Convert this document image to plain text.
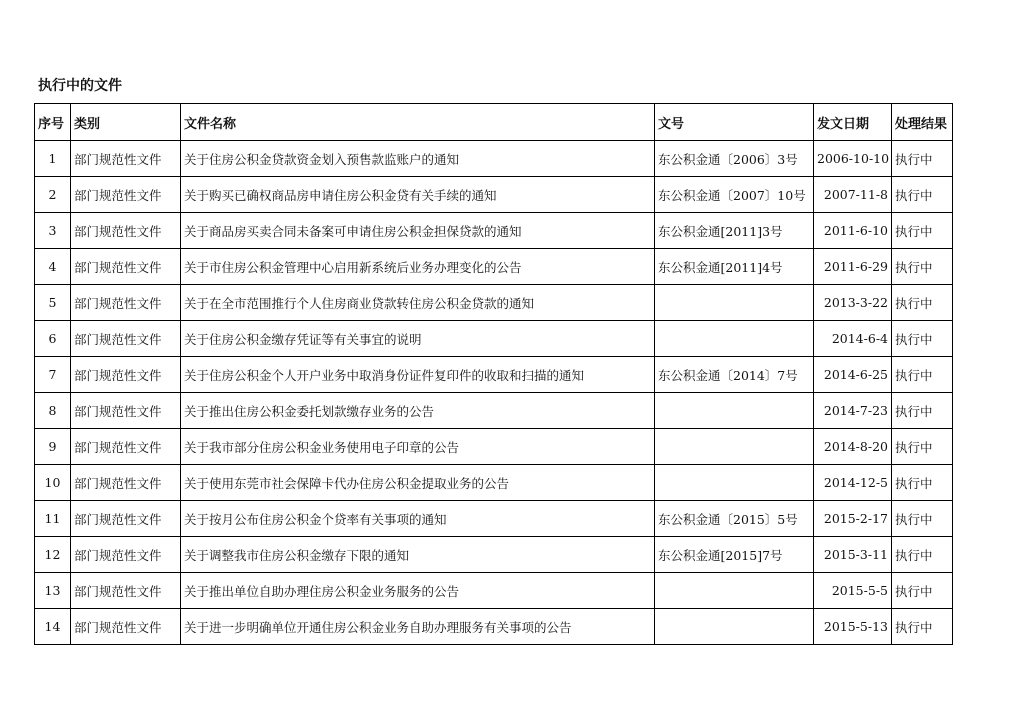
执行中的文件
序号	类别	文件名称	文号	发文日期	处理结果
1	部门规范性文件	关于住房公积金贷款资金划入预售款监账户的通知	东公积金通〔2006〕3号	2006-10-10	执行中
2	部门规范性文件	关于购买已确权商品房申请住房公积金贷有关手续的通知	东公积金通〔2007〕10号	2007-11-8	执行中
3	部门规范性文件	关于商品房买卖合同未备案可申请住房公积金担保贷款的通知	东公积金通[2011]3号	2011-6-10	执行中
4	部门规范性文件	关于市住房公积金管理中心启用新系统后业务办理变化的公告	东公积金通[2011]4号	2011-6-29	执行中
5	部门规范性文件	关于在全市范围推行个人住房商业贷款转住房公积金贷款的通知		2013-3-22	执行中
6	部门规范性文件	关于住房公积金缴存凭证等有关事宜的说明		2014-6-4	执行中
7	部门规范性文件	关于住房公积金个人开户业务中取消身份证件复印件的收取和扫描的通知	东公积金通〔2014〕7号	2014-6-25	执行中
8	部门规范性文件	关于推出住房公积金委托划款缴存业务的公告		2014-7-23	执行中
9	部门规范性文件	关于我市部分住房公积金业务使用电子印章的公告		2014-8-20	执行中
10	部门规范性文件	关于使用东莞市社会保障卡代办住房公积金提取业务的公告		2014-12-5	执行中
11	部门规范性文件	关于按月公布住房公积金个贷率有关事项的通知	东公积金通〔2015〕5号	2015-2-17	执行中
12	部门规范性文件	关于调整我市住房公积金缴存下限的通知	东公积金通[2015]7号	2015-3-11	执行中
13	部门规范性文件	关于推出单位自助办理住房公积金业务服务的公告		2015-5-5	执行中
14	部门规范性文件	关于进一步明确单位开通住房公积金业务自助办理服务有关事项的公告		2015-5-13	执行中
